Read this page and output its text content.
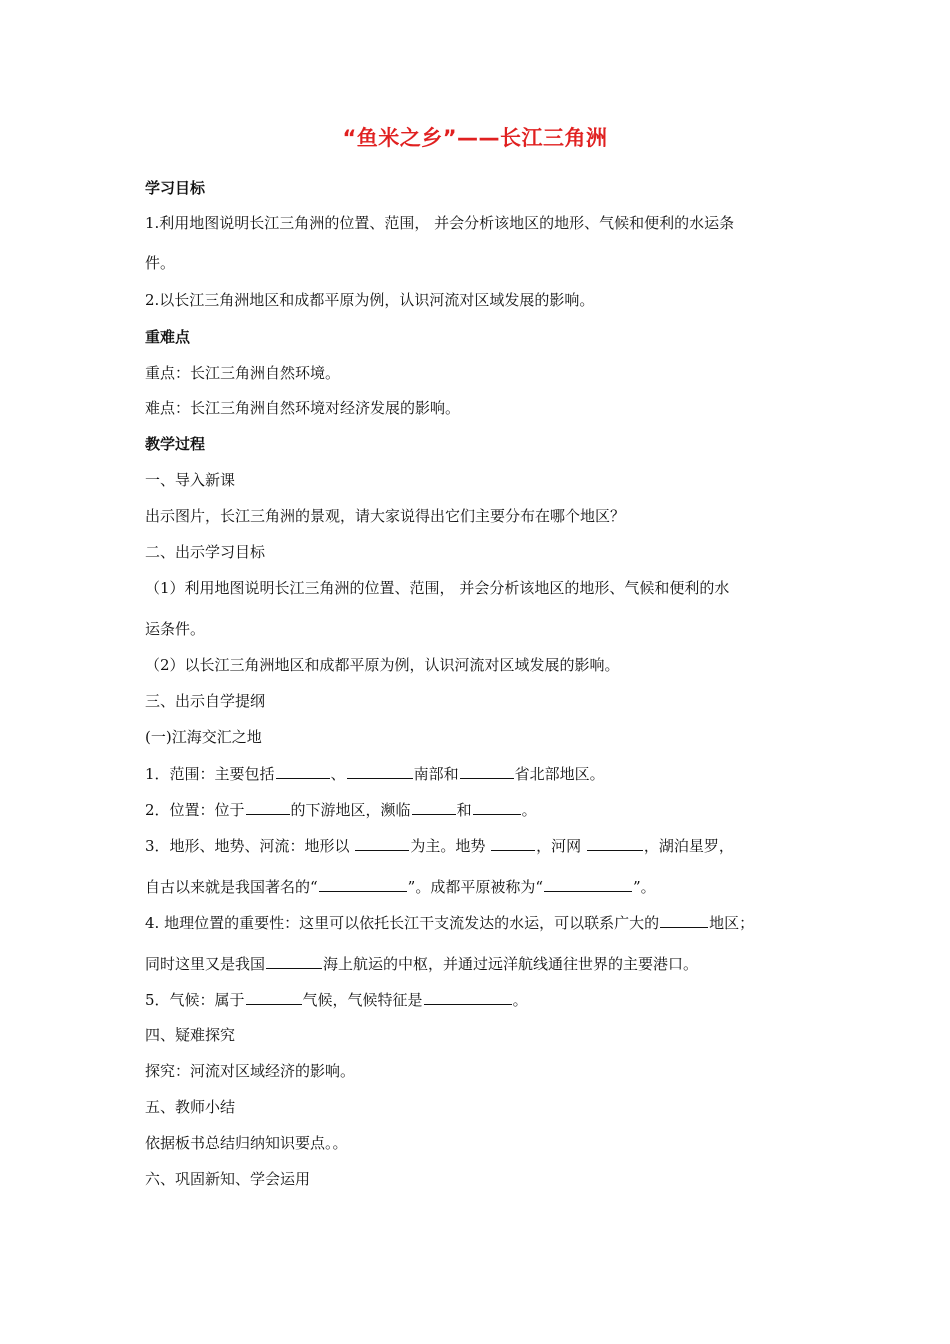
“鱼米之乡”——长江三角洲
学习目标
1.利用地图说明长江三角洲的位置、范围， 并会分析该地区的地形、气候和便利的水运条
件。
2.以长江三角洲地区和成都平原为例，认识河流对区域发展的影响。
重难点
重点：长江三角洲自然环境。
难点：长江三角洲自然环境对经济发展的影响。
教学过程
一、导入新课
出示图片，长江三角洲的景观，请大家说得出它们主要分布在哪个地区？
二、出示学习目标
（1）利用地图说明长江三角洲的位置、范围， 并会分析该地区的地形、气候和便利的水
运条件。
（2）以长江三角洲地区和成都平原为例，认识河流对区域发展的影响。
三、出示自学提纲
(一)江海交汇之地
1．范围：主要包括	、	南部和	省北部地区。
2．位置：位于	的下游地区，濒临	和	。
3．地形、地势、河流：地形以	为主。地势	，河网	，湖泊星罗，
自古以来就是我国著名的“	”。成都平原被称为“	”。
4. 地理位置的重要性：这里可以依托长江干支流发达的水运，可以联系广大的	地区；
同时这里又是我国	海上航运的中枢，并通过远洋航线通往世界的主要港口。
5．气候：属于	气候，气候特征是	。
四、疑难探究
探究：河流对区域经济的影响。
五、教师小结
依据板书总结归纳知识要点。。
六、巩固新知、学会运用
